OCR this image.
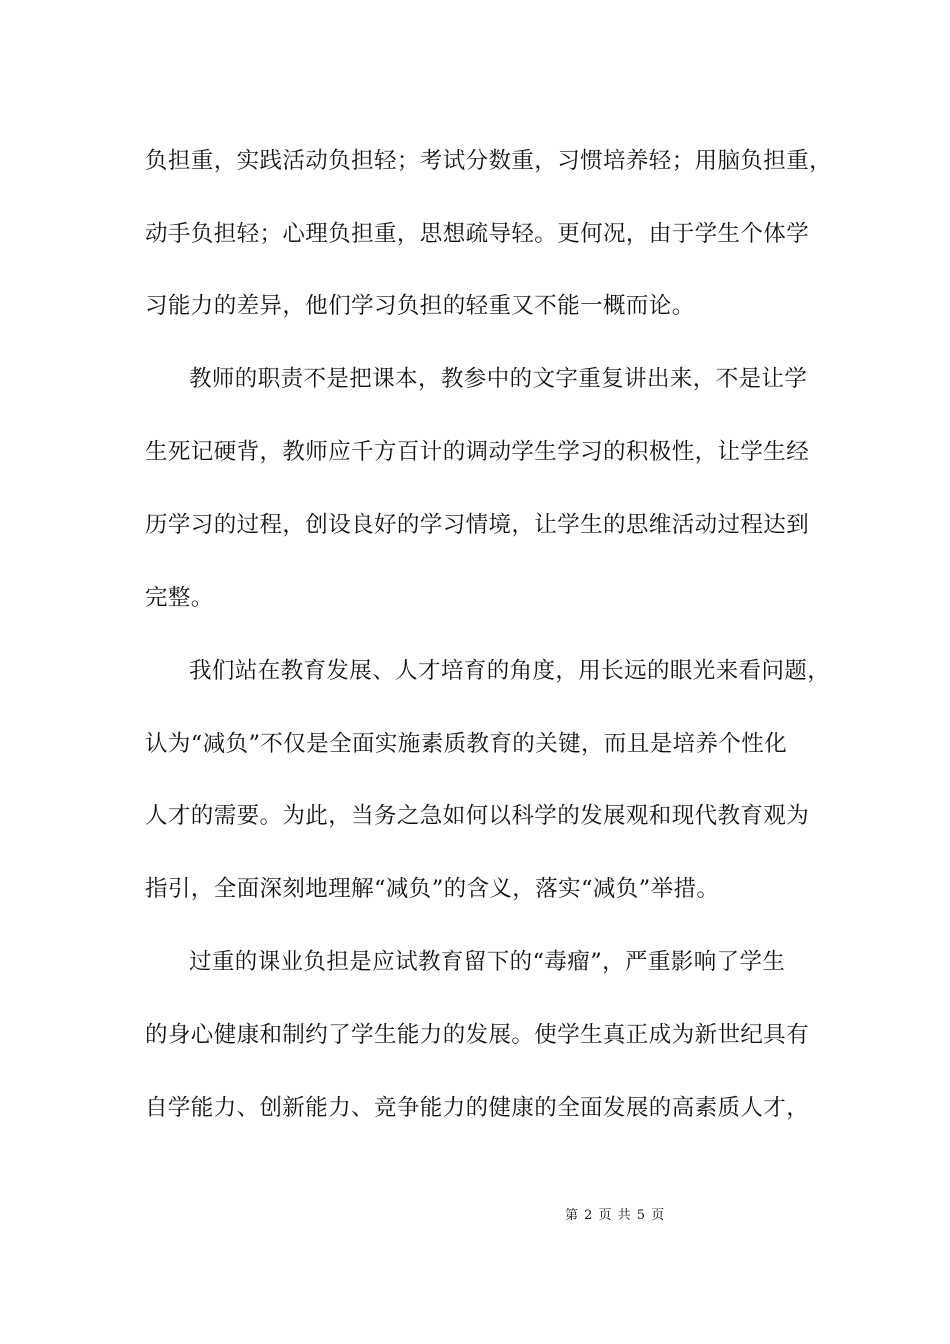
负担重，实践活动负担轻；考试分数重，习惯培养轻；用脑负担重，
动手负担轻；心理负担重，思想疏导轻。更何况，由于学生个体学
习能力的差异，他们学习负担的轻重又不能一概而论。
教师的职责不是把课本，教参中的文字重复讲出来，不是让学
生死记硬背，教师应千方百计的调动学生学习的积极性，让学生经
历学习的过程，创设良好的学习情境，让学生的思维活动过程达到
完整。
我们站在教育发展、人才培育的角度，用长远的眼光来看问题，
认为“减负”不仅是全面实施素质教育的关键，而且是培养个性化
人才的需要。为此，当务之急如何以科学的发展观和现代教育观为
指引，全面深刻地理解“减负”的含义，落实“减负”举措。
过重的课业负担是应试教育留下的“毒瘤”，严重影响了学生
的身心健康和制约了学生能力的发展。使学生真正成为新世纪具有
自学能力、创新能力、竞争能力的健康的全面发展的高素质人才，
第 2 页 共 5 页
